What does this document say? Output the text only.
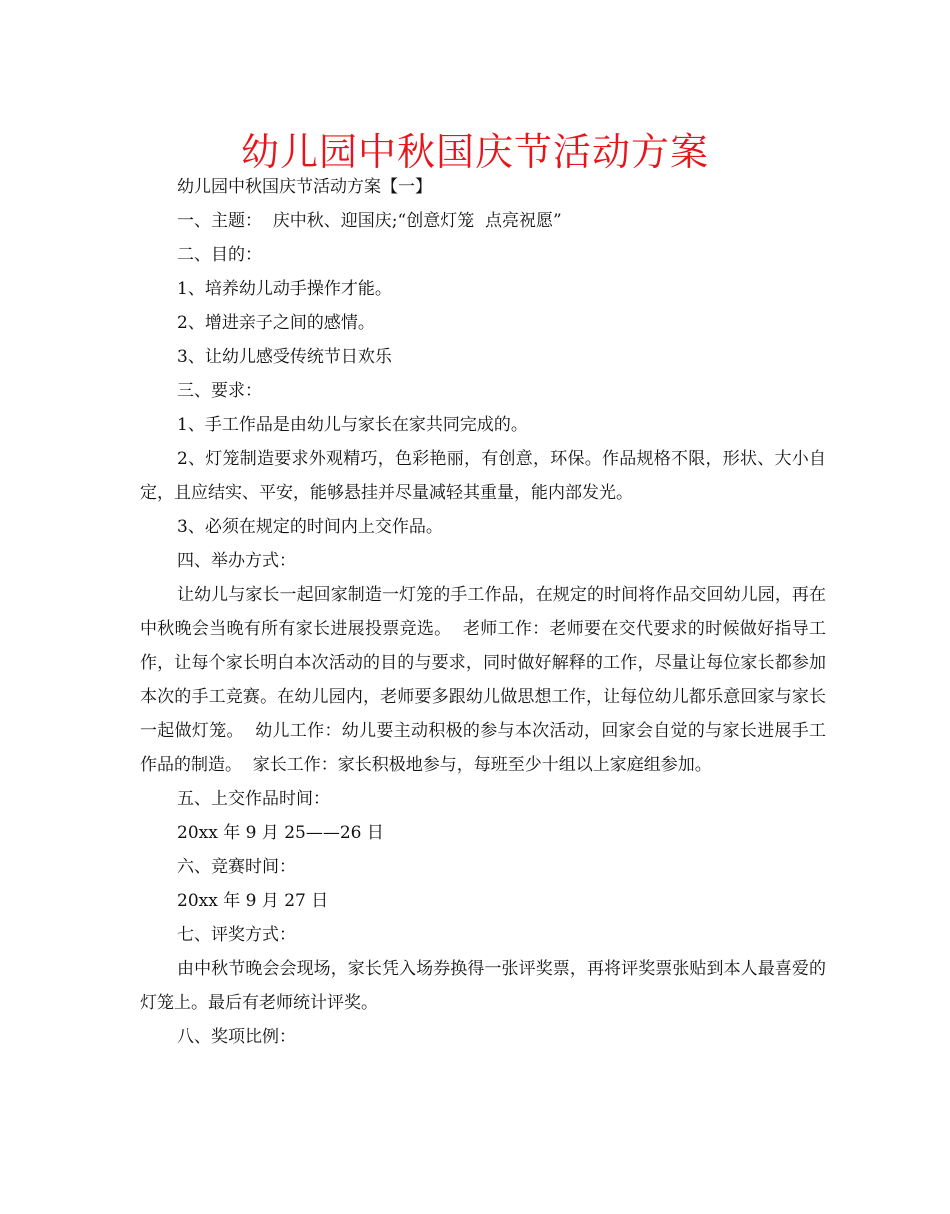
幼儿园中秋国庆节活动方案

幼儿园中秋国庆节活动方案【一】

一、主题：  庆中秋、迎国庆;“创意灯笼  点亮祝愿”

二、目的：

1、培养幼儿动手操作才能。

2、增进亲子之间的感情。

3、让幼儿感受传统节日欢乐

三、要求：

1、手工作品是由幼儿与家长在家共同完成的。

2、灯笼制造要求外观精巧，色彩艳丽，有创意，环保。作品规格不限，形状、大小自定，且应结实、平安，能够悬挂并尽量减轻其重量，能内部发光。

3、必须在规定的时间内上交作品。

四、举办方式：

让幼儿与家长一起回家制造一灯笼的手工作品，在规定的时间将作品交回幼儿园，再在中秋晚会当晚有所有家长进展投票竞选。  老师工作：老师要在交代要求的时候做好指导工作，让每个家长明白本次活动的目的与要求，同时做好解释的工作，尽量让每位家长都参加本次的手工竞赛。在幼儿园内，老师要多跟幼儿做思想工作，让每位幼儿都乐意回家与家长一起做灯笼。  幼儿工作：幼儿要主动积极的参与本次活动，回家会自觉的与家长进展手工作品的制造。  家长工作：家长积极地参与，每班至少十组以上家庭组参加。

五、上交作品时间：

20xx 年 9 月 25——26 日

六、竞赛时间：

20xx 年 9 月 27 日

七、评奖方式：

由中秋节晚会会现场，家长凭入场券换得一张评奖票，再将评奖票张贴到本人最喜爱的灯笼上。最后有老师统计评奖。

八、奖项比例：
